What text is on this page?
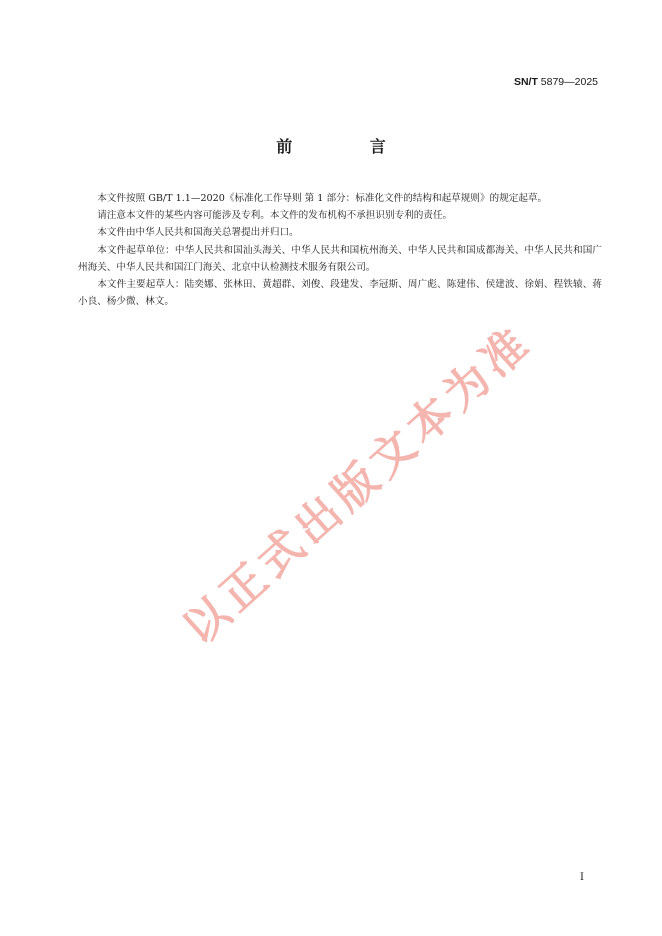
SN/T 5879—2025
前 言

本文件按照 GB/T 1.1—2020《标准化工作导则 第 1 部分：标准化文件的结构和起草规则》的规定起草。

请注意本文件的某些内容可能涉及专利。本文件的发布机构不承担识别专利的责任。

本文件由中华人民共和国海关总署提出并归口。

本文件起草单位：中华人民共和国汕头海关、中华人民共和国杭州海关、中华人民共和国成都海关、中华人民共和国广州海关、中华人民共和国江门海关、北京中认检测技术服务有限公司。

本文件主要起草人：陆奕娜、张林田、黄超群、刘俊、段建发、李冠斯、周广彪、陈建伟、侯建波、徐娟、程铁辕、蒋小良、杨少微、林文。

以正式出版文本为准
I
